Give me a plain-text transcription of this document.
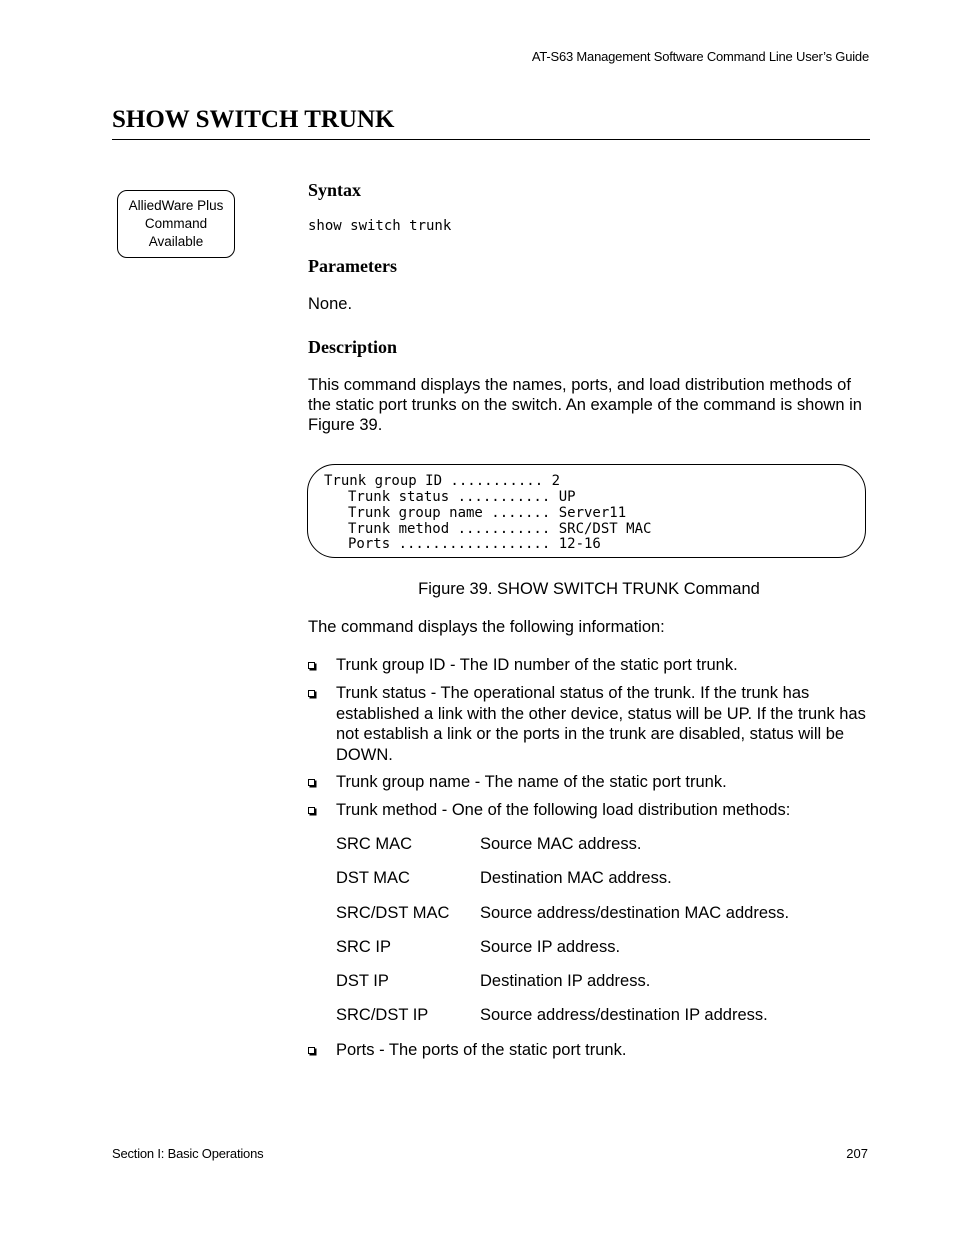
AT-S63 Management Software Command Line User’s Guide
SHOW SWITCH TRUNK
AlliedWare Plus
Command
Available
Syntax
show switch trunk
Parameters

None.

Description

This command displays the names, ports, and load distribution methods of the static port trunks on the switch. An example of the command is shown in Figure 39.

Trunk group ID ........... 2
Trunk status ........... UP
Trunk group name ....... Server11
Trunk method ........... SRC/DST MAC
Ports .................. 12-16
Figure 39. SHOW SWITCH TRUNK Command

The command displays the following information:

Trunk group ID - The ID number of the static port trunk.
Trunk status - The operational status of the trunk. If the trunk has established a link with the other device, status will be UP. If the trunk has not establish a link or the ports in the trunk are disabled, status will be DOWN.
Trunk group name - The name of the static port trunk.
Trunk method - One of the following load distribution methods:
SRC MAC	Source MAC address.
DST MAC	Destination MAC address.
SRC/DST MAC Source address/destination MAC address.
SRC IP	Source IP address.
DST IP	Destination IP address.
SRC/DST IP	Source address/destination IP address.
Ports - The ports of the static port trunk.
Section I: Basic Operations	207
